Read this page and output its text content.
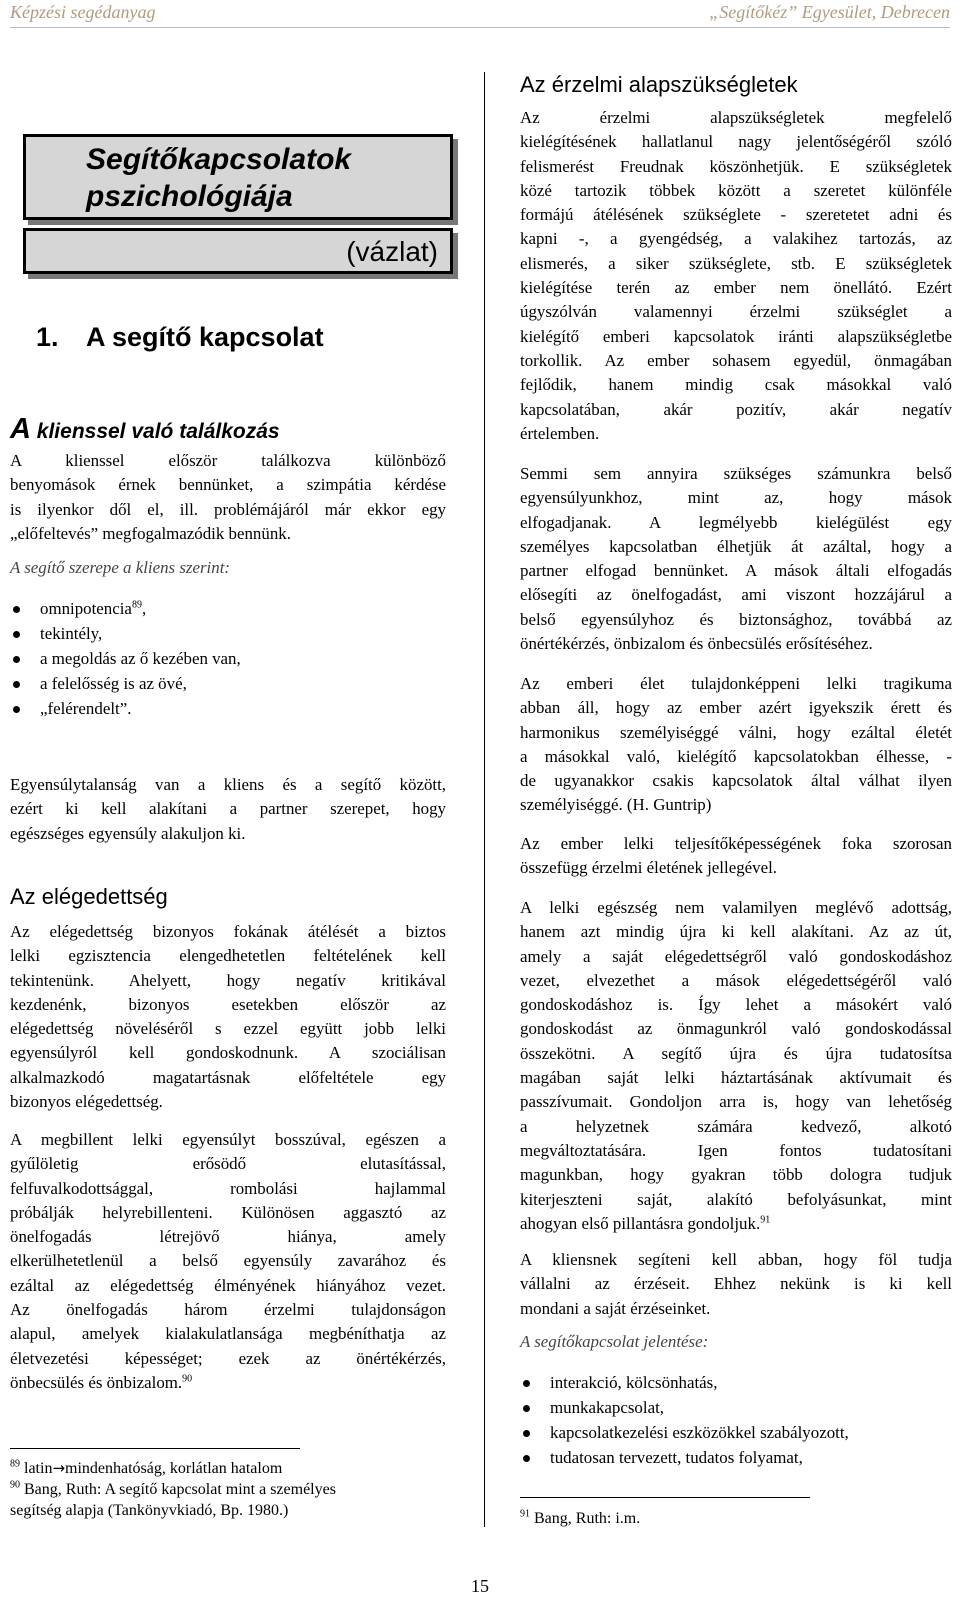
Képzési segédanyag	„Segítőkéz” Egyesület, Debrecen
Segítőkapcsolatok
pszichológiája
(vázlat)
1. A segítő kapcsolat
A klienssel való találkozás

A klienssel először találkozva különböző

benyomások érnek bennünket, a szimpátia kérdése

is ilyenkor dől el, ill. problémájáról már ekkor egy

„előfeltevés” megfogalmazódik bennünk.

A segítő szerepe a kliens szerint:
omnipotencia$^{89}$,
tekintély,
a megoldás az ő kezében van,
a felelősség is az övé,
„felérendelt”.

Egyensúlytalanság van a kliens és a segítő között,

ezért ki kell alakítani a partner szerepet, hogy

egészséges egyensúly alakuljon ki.

Az elégedettség

Az elégedettség bizonyos fokának átélését a biztos

lelki egzisztencia elengedhetetlen feltételének kell

tekintenünk. Ahelyett, hogy negatív kritikával

kezdenénk, bizonyos esetekben először az

elégedettség növeléséről s ezzel együtt jobb lelki

egyensúlyról kell gondoskodnunk. A szociálisan

alkalmazkodó magatartásnak előfeltétele egy

bizonyos elégedettség.

A megbillent lelki egyensúlyt bosszúval, egészen a

gyűlöletig erősödő elutasítással,

felfuvalkodottsággal, rombolási hajlammal

próbálják helyrebillenteni. Különösen aggasztó az

önelfogadás létrejövő hiánya, amely

elkerülhetetlenül a belső egyensúly zavarához és

ezáltal az elégedettség élményének hiányához vezet.

Az önelfogadás három érzelmi tulajdonságon

alapul, amelyek kialakulatlansága megbéníthatja az

életvezetési képességet; ezek az önértékérzés,

önbecsülés és önbizalom.$^{90}$

$^{89}$ latin→mindenhatóság, korlátlan hatalom
$^{90}$ Bang, Ruth: A segítő kapcsolat mint a személyes
segítség alapja (Tankönyvkiadó, Bp. 1980.)
Az érzelmi alapszükségletek

Az érzelmi alapszükségletek megfelelő

kielégítésének hallatlanul nagy jelentőségéről szóló

felismerést Freudnak köszönhetjük. E szükségletek

közé tartozik többek között a szeretet különféle

formájú átélésének szükséglete - szeretetet adni és

kapni -, a gyengédség, a valakihez tartozás, az

elismerés, a siker szükséglete, stb. E szükségletek

kielégítése terén az ember nem önellátó. Ezért

úgyszólván valamennyi érzelmi szükséglet a

kielégítő emberi kapcsolatok iránti alapszükségletbe

torkollik. Az ember sohasem egyedül, önmagában

fejlődik, hanem mindig csak másokkal való

kapcsolatában, akár pozitív, akár negatív

értelemben.

Semmi sem annyira szükséges számunkra belső

egyensúlyunkhoz, mint az, hogy mások

elfogadjanak. A legmélyebb kielégülést egy

személyes kapcsolatban élhetjük át azáltal, hogy a

partner elfogad bennünket. A mások általi elfogadás

elősegíti az önelfogadást, ami viszont hozzájárul a

belső egyensúlyhoz és biztonsághoz, továbbá az

önértékérzés, önbizalom és önbecsülés erősítéséhez.

Az emberi élet tulajdonképpeni lelki tragikuma

abban áll, hogy az ember azért igyekszik érett és

harmonikus személyiséggé válni, hogy ezáltal életét

a másokkal való, kielégítő kapcsolatokban élhesse, -

de ugyanakkor csakis kapcsolatok által válhat ilyen

személyiséggé. (H. Guntrip)

Az ember lelki teljesítőképességének foka szorosan

összefügg érzelmi életének jellegével.

A lelki egészség nem valamilyen meglévő adottság,

hanem azt mindig újra ki kell alakítani. Az az út,

amely a saját elégedettségről való gondoskodáshoz

vezet, elvezethet a mások elégedettségéről való

gondoskodáshoz is. Így lehet a másokért való

gondoskodást az önmagunkról való gondoskodással

összekötni. A segítő újra és újra tudatosítsa

magában saját lelki háztartásának aktívumait és

passzívumait. Gondoljon arra is, hogy van lehetőség

a helyzetnek számára kedvező, alkotó

megváltoztatására. Igen fontos tudatosítani

magunkban, hogy gyakran több dologra tudjuk

kiterjeszteni saját, alakító befolyásunkat, mint

ahogyan első pillantásra gondoljuk.$^{91}$

A kliensnek segíteni kell abban, hogy föl tudja

vállalni az érzéseit. Ehhez nekünk is ki kell

mondani a saját érzéseinket.

A segítőkapcsolat jelentése:
interakció, kölcsönhatás,
munkakapcsolat,
kapcsolatkezelési eszközökkel szabályozott,
tudatosan tervezett, tudatos folyamat,
$^{91}$ Bang, Ruth: i.m.
15
